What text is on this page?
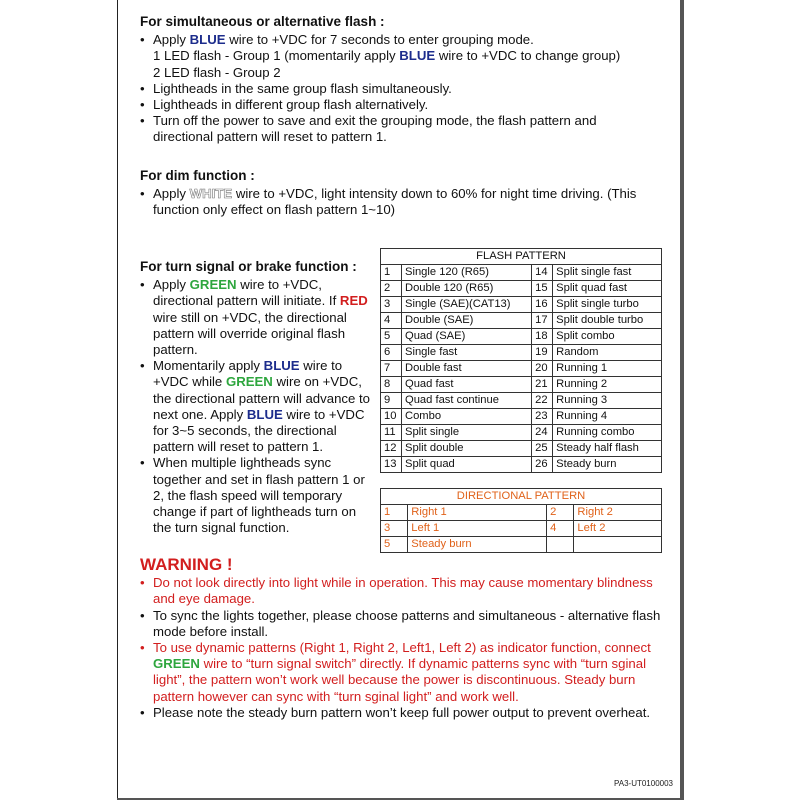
For simultaneous or alternative flash :
• Apply BLUE wire to +VDC for 7 seconds to enter grouping mode.
1 LED flash - Group 1 (momentarily apply BLUE wire to +VDC to change group)
2 LED flash - Group 2
• Lightheads in the same group flash simultaneously.
• Lightheads in different group flash alternatively.
• Turn off the power to save and exit the grouping mode, the flash pattern and directional pattern will reset to pattern 1.
For dim function :
• Apply WHITE wire to +VDC, light intensity down to 60% for night time driving. (This function only effect on flash pattern 1~10)
For turn signal or brake function :
• Apply GREEN wire to +VDC, directional pattern will initiate. If RED wire still on +VDC, the directional pattern will override original flash pattern.
• Momentarily apply BLUE wire to +VDC while GREEN wire on +VDC, the directional pattern will advance to next one. Apply BLUE wire to +VDC for 3~5 seconds, the directional pattern will reset to pattern 1.
• When multiple lightheads sync together and set in flash pattern 1 or 2, the flash speed will temporary change if part of lightheads turn on the turn signal function.
FLASH PATTERN			
1	Single 120 (R65)	14	Split single fast
2	Double 120 (R65)	15	Split quad fast
3	Single (SAE)(CAT13)	16	Split single turbo
4	Double (SAE)	17	Split double turbo
5	Quad (SAE)	18	Split combo
6	Single fast	19	Random
7	Double fast	20	Running 1
8	Quad fast	21	Running 2
9	Quad fast continue	22	Running 3
10	Combo	23	Running 4
11	Split single	24	Running combo
12	Split double	25	Steady half flash
13	Split quad	26	Steady burn
DIRECTIONAL PATTERN			
1	Right 1	2	Right 2
3	Left 1	4	Left 2
5	Steady burn		
WARNING !
• Do not look directly into light while in operation. This may cause momentary blindness and eye damage.
• To sync the lights together, please choose patterns and simultaneous - alternative flash mode before install.
• To use dynamic patterns (Right 1, Right 2, Left1, Left 2) as indicator function, connect GREEN wire to “turn signal switch” directly. If dynamic patterns sync with “turn sginal light”, the pattern won’t work well because the power is discontinuous. Steady burn pattern however can sync with “turn sginal light” and work well.
• Please note the steady burn pattern won’t keep full power output to prevent overheat.
PA3-UT0100003
